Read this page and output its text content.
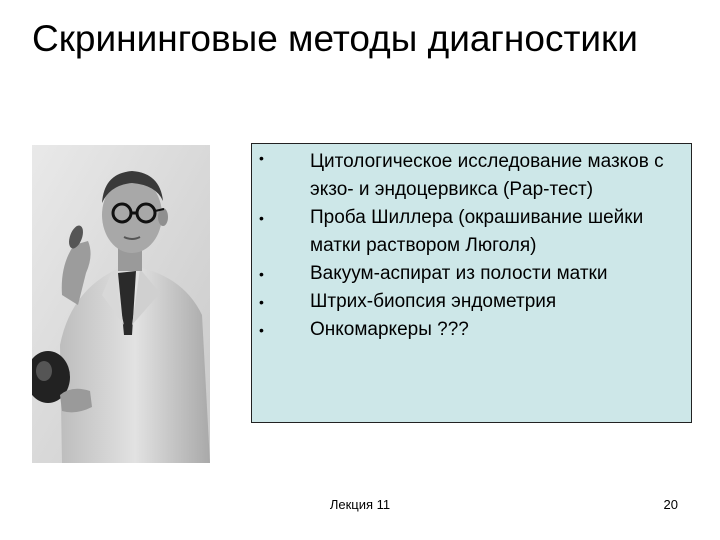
Скрининговые методы диагностики
• Цитологическое исследование мазков с экзо- и эндоцервикса (Pap-тест)
• Проба Шиллера (окрашивание шейки матки раствором Люголя)
• Вакуум-аспират из полости матки
• Штрих-биопсия эндометрия
• Онкомаркеры ???
Лекция 11	20
